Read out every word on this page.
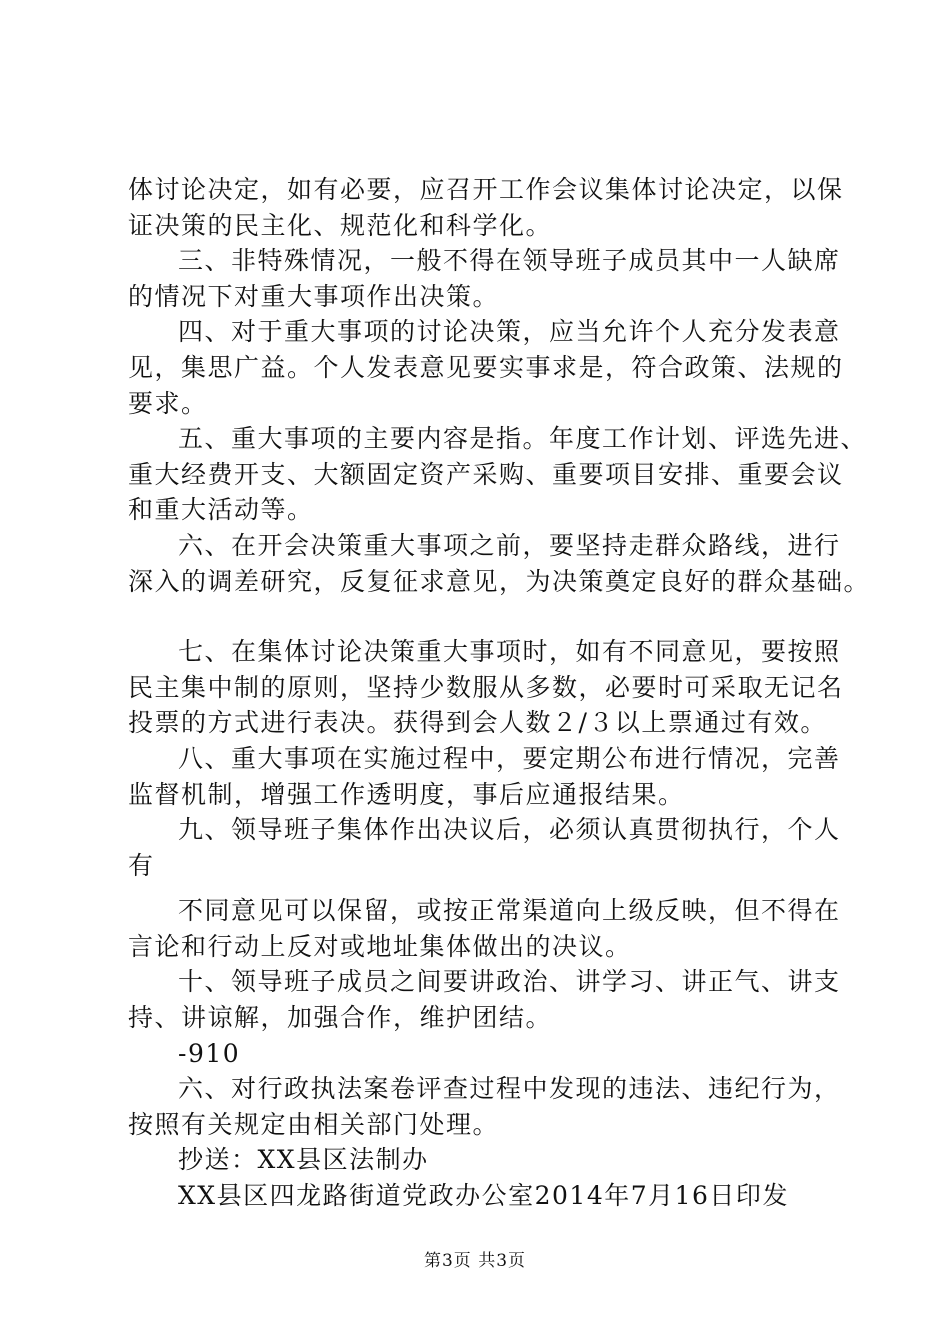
体讨论决定，如有必要，应召开工作会议集体讨论决定，以保
证决策的民主化、规范化和科学化。
三、非特殊情况，一般不得在领导班子成员其中一人缺席
的情况下对重大事项作出决策。
四、对于重大事项的讨论决策，应当允许个人充分发表意
见，集思广益。个人发表意见要实事求是，符合政策、法规的
要求。
五、重大事项的主要内容是指。年度工作计划、评选先进、
重大经费开支、大额固定资产采购、重要项目安排、重要会议
和重大活动等。
六、在开会决策重大事项之前，要坚持走群众路线，进行
深入的调差研究，反复征求意见，为决策奠定良好的群众基础。
七、在集体讨论决策重大事项时，如有不同意见，要按照
民主集中制的原则，坚持少数服从多数，必要时可采取无记名
投票的方式进行表决。获得到会人数２/３以上票通过有效。
八、重大事项在实施过程中，要定期公布进行情况，完善
监督机制，增强工作透明度，事后应通报结果。
九、领导班子集体作出决议后，必须认真贯彻执行，个人
有
不同意见可以保留，或按正常渠道向上级反映，但不得在
言论和行动上反对或地址集体做出的决议。
十、领导班子成员之间要讲政治、讲学习、讲正气、讲支
持、讲谅解，加强合作，维护团结。
-910
六、对行政执法案卷评查过程中发现的违法、违纪行为，
按照有关规定由相关部门处理。
抄送：XX县区法制办
XX县区四龙路街道党政办公室2014年7月16日印发
第3页 共3页
